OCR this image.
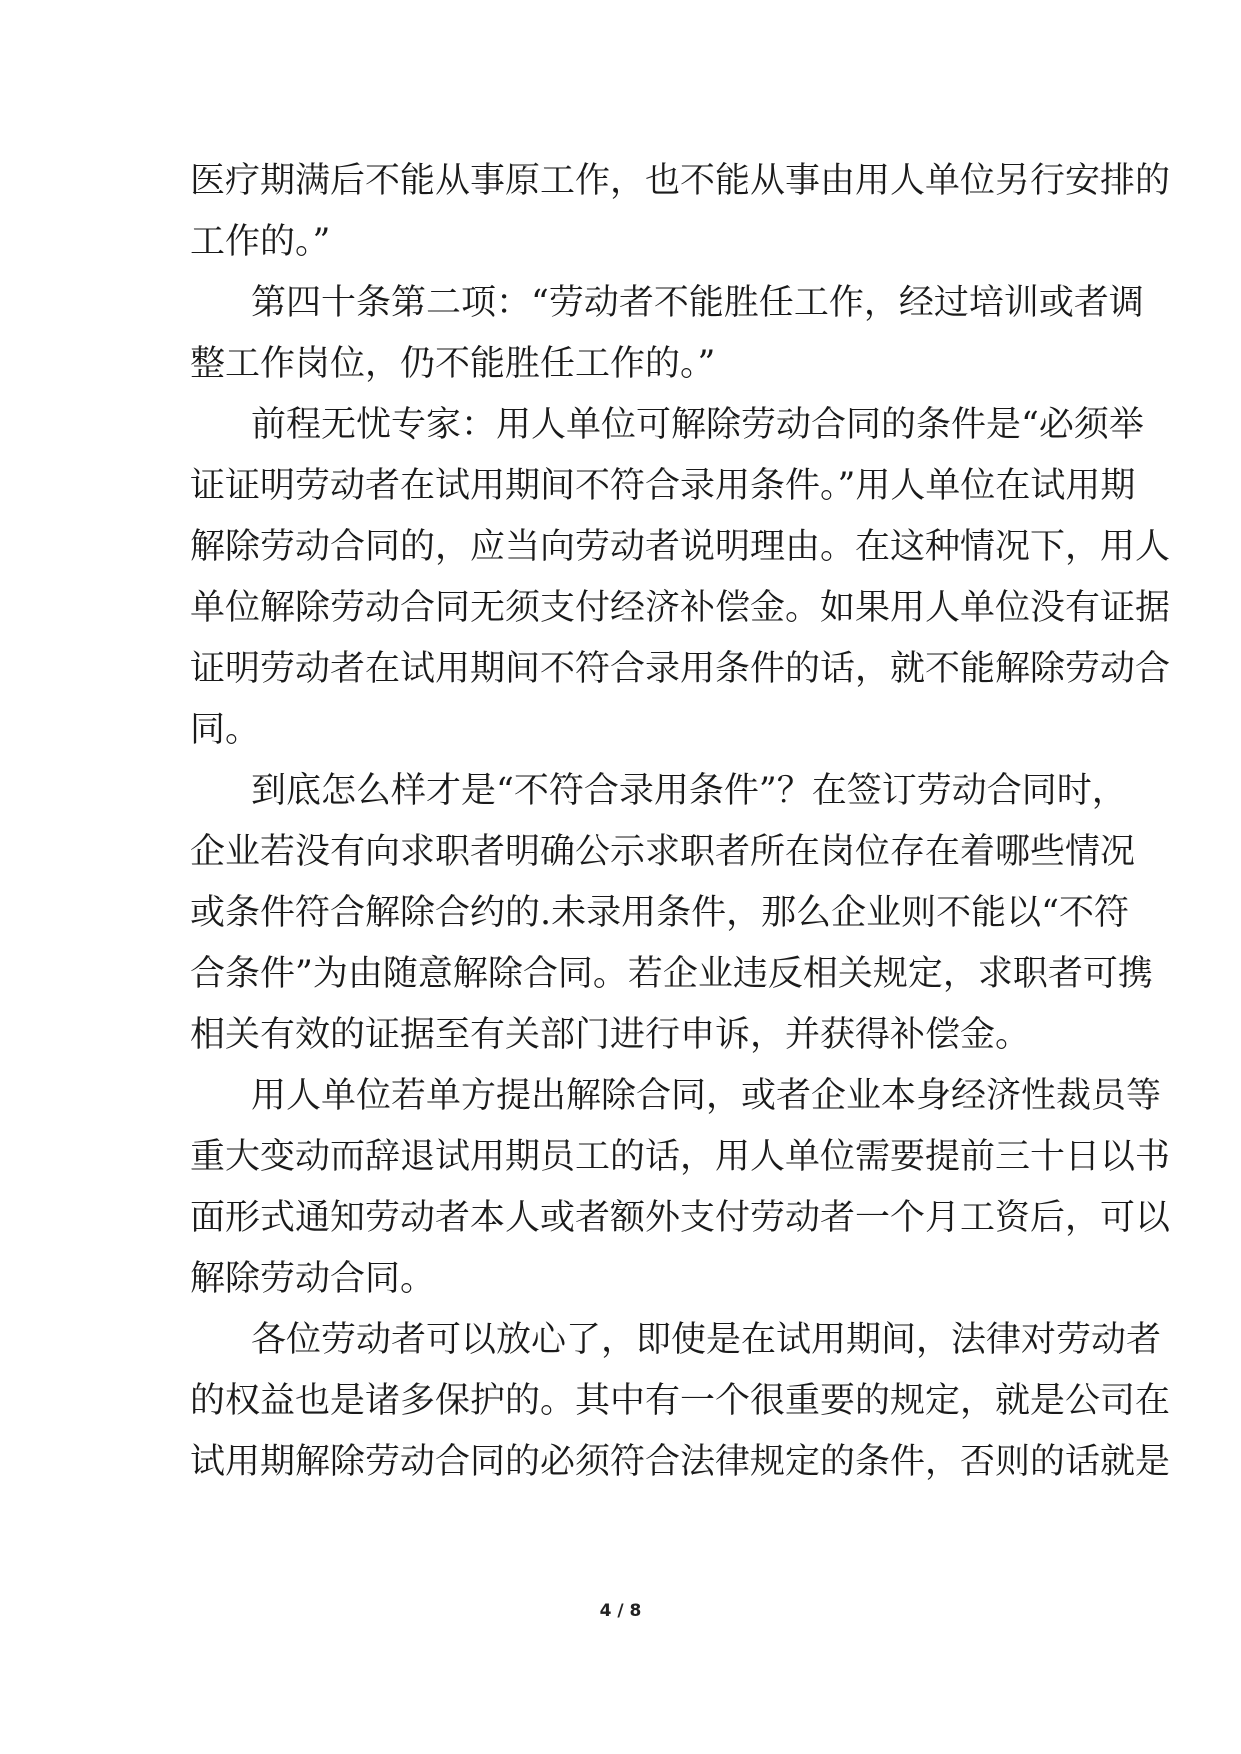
医疗期满后不能从事原工作，也不能从事由用人单位另行安排的
工作的。”
第四十条第二项：“劳动者不能胜任工作，经过培训或者调
整工作岗位，仍不能胜任工作的。”
前程无忧专家：用人单位可解除劳动合同的条件是“必须举
证证明劳动者在试用期间不符合录用条件。”用人单位在试用期
解除劳动合同的，应当向劳动者说明理由。在这种情况下，用人
单位解除劳动合同无须支付经济补偿金。如果用人单位没有证据
证明劳动者在试用期间不符合录用条件的话，就不能解除劳动合
同。
到底怎么样才是“不符合录用条件”？在签订劳动合同时，
企业若没有向求职者明确公示求职者所在岗位存在着哪些情况
或条件符合解除合约的.未录用条件，那么企业则不能以“不符
合条件”为由随意解除合同。若企业违反相关规定，求职者可携
相关有效的证据至有关部门进行申诉，并获得补偿金。
用人单位若单方提出解除合同，或者企业本身经济性裁员等
重大变动而辞退试用期员工的话，用人单位需要提前三十日以书
面形式通知劳动者本人或者额外支付劳动者一个月工资后，可以
解除劳动合同。
各位劳动者可以放心了，即使是在试用期间，法律对劳动者
的权益也是诸多保护的。其中有一个很重要的规定，就是公司在
试用期解除劳动合同的必须符合法律规定的条件，否则的话就是
4 / 8
